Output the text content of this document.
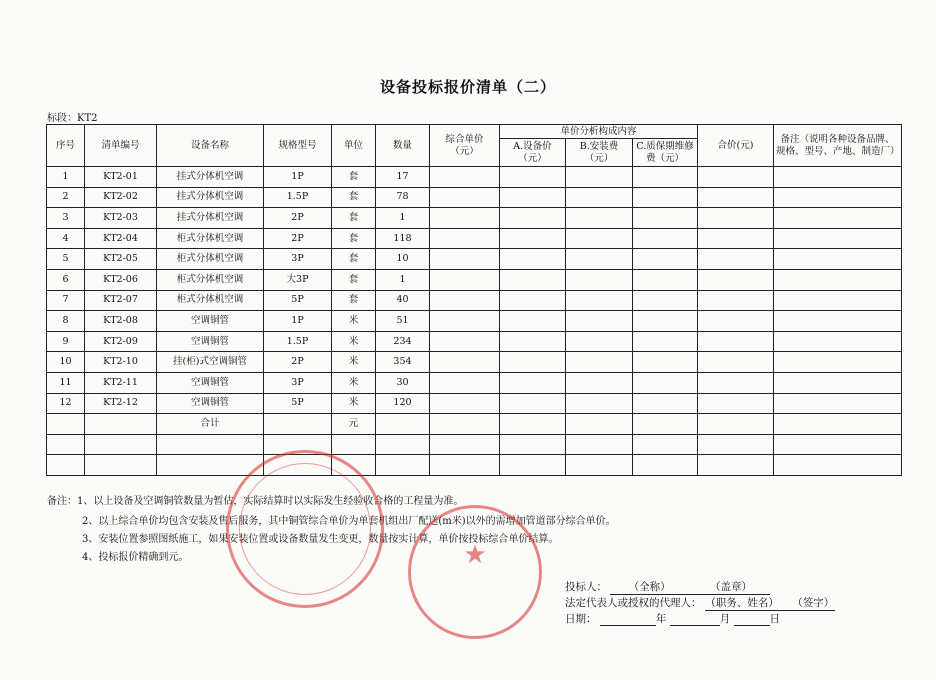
设备投标报价清单（二）
标段：KT2
序号	清单编号	设备名称	规格型号	单位	数量	综合单价（元）	单价分析构成内容			合价(元)	备注（说明各种设备品牌、规格、型号、产地、制造厂）
							A.设备价（元）	B.安装费（元）	C.质保期维修费（元）		
1	KT2-01	挂式分体机空调	1P	套	17						
2	KT2-02	挂式分体机空调	1.5P	套	78						
3	KT2-03	挂式分体机空调	2P	套	1						
4	KT2-04	柜式分体机空调	2P	套	118						
5	KT2-05	柜式分体机空调	3P	套	10						
6	KT2-06	柜式分体机空调	大3P	套	1						
7	KT2-07	柜式分体机空调	5P	套	40						
8	KT2-08	空调铜管	1P	米	51						
9	KT2-09	空调铜管	1.5P	米	234						
10	KT2-10	挂(柜)式空调铜管	2P	米	354						
11	KT2-11	空调铜管	3P	米	30						
12	KT2-12	空调铜管	5P	米	120						
		合计		元							

备注：1、以上设备及空调铜管数量为暂估，实际结算时以实际发生经验收合格的工程量为准。
2、以上综合单价均包含安装及售后服务，其中铜管综合单价为单套机组出厂配送(m米)以外的需增加管道部分综合单价。
3、安装位置参照图纸施工，如果安装位置或设备数量发生变更，数量按实计算，单价按投标综合单价结算。
4、投标报价精确到元。
投标人： （全称）	（盖章）
法定代表人或授权的代理人： （职务、姓名） （签字）
日期：	年	月	日
★
